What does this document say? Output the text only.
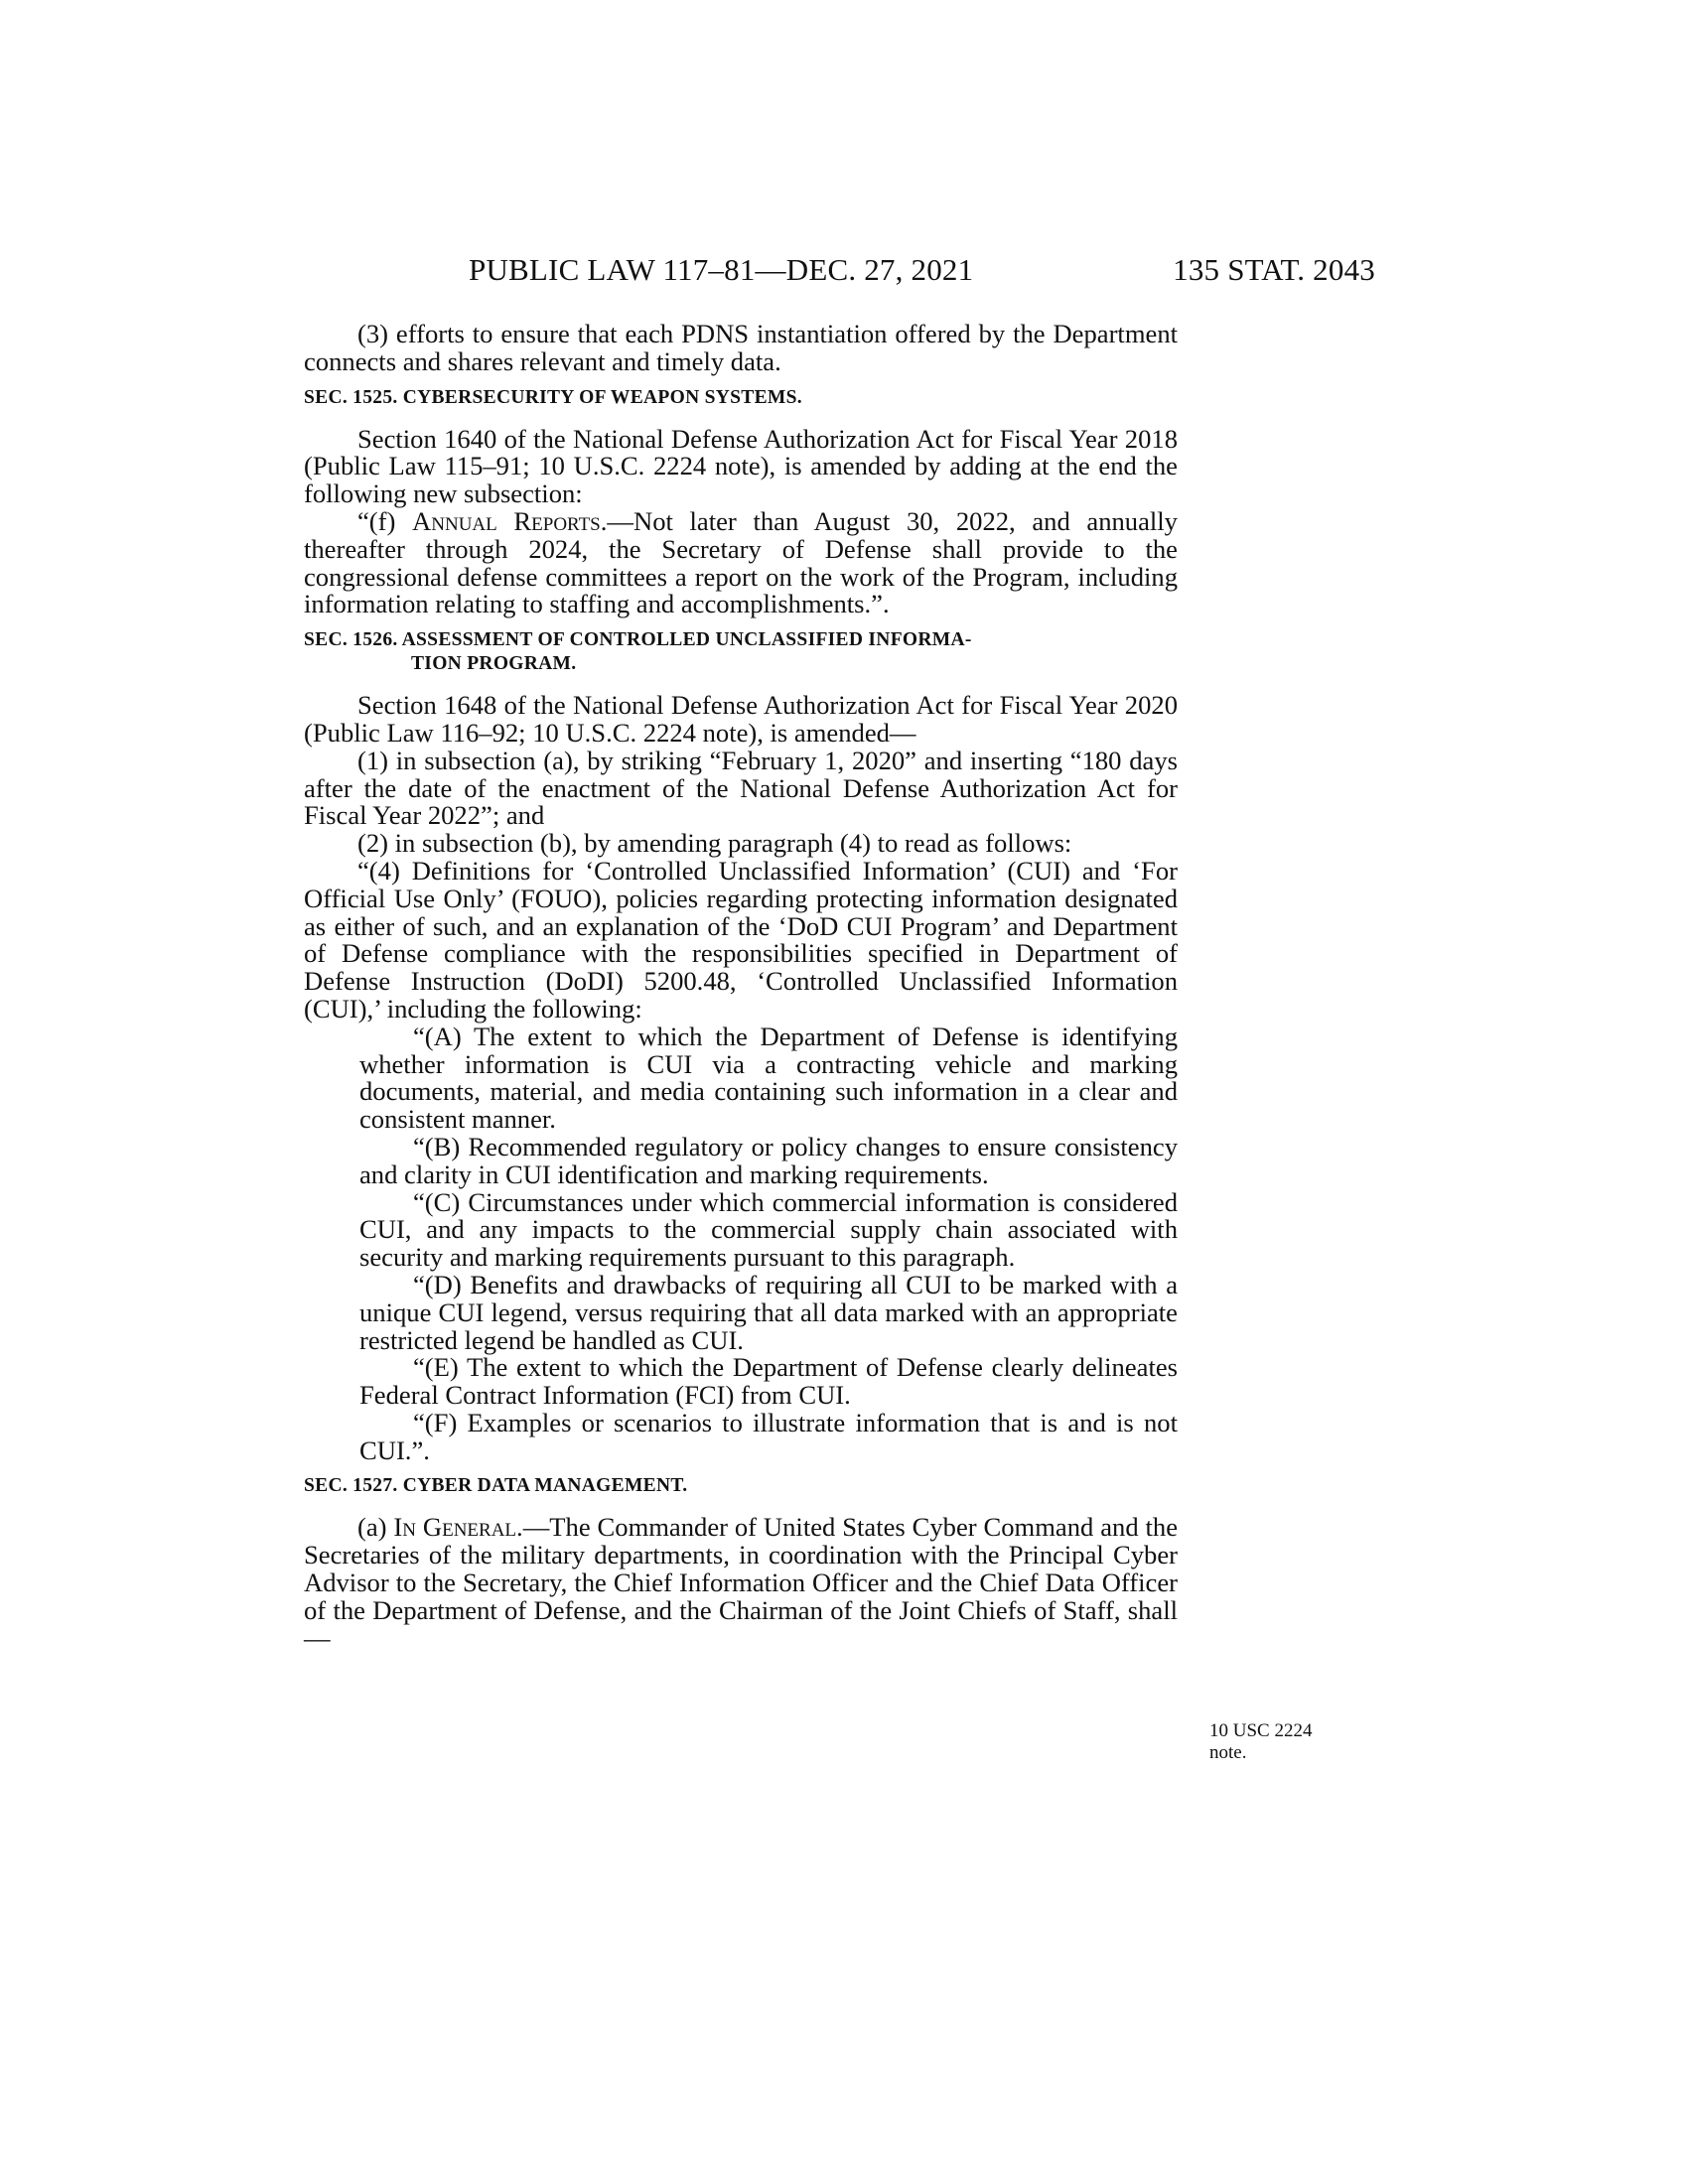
PUBLIC LAW 117–81—DEC. 27, 2021	135 STAT. 2043

(3) efforts to ensure that each PDNS instantiation offered by the Department connects and shares relevant and timely data.

SEC. 1525. CYBERSECURITY OF WEAPON SYSTEMS.

Section 1640 of the National Defense Authorization Act for Fiscal Year 2018 (Public Law 115–91; 10 U.S.C. 2224 note), is amended by adding at the end the following new subsection:

“(f) Annual Reports.—Not later than August 30, 2022, and annually thereafter through 2024, the Secretary of Defense shall provide to the congressional defense committees a report on the work of the Program, including information relating to staffing and accomplishments.”.

SEC. 1526. ASSESSMENT OF CONTROLLED UNCLASSIFIED INFORMA-
TION PROGRAM.

Section 1648 of the National Defense Authorization Act for Fiscal Year 2020 (Public Law 116–92; 10 U.S.C. 2224 note), is amended—

(1) in subsection (a), by striking “February 1, 2020” and inserting “180 days after the date of the enactment of the National Defense Authorization Act for Fiscal Year 2022”; and

(2) in subsection (b), by amending paragraph (4) to read as follows:

“(4) Definitions for ‘Controlled Unclassified Information’ (CUI) and ‘For Official Use Only’ (FOUO), policies regarding protecting information designated as either of such, and an explanation of the ‘DoD CUI Program’ and Department of Defense compliance with the responsibilities specified in Department of Defense Instruction (DoDI) 5200.48, ‘Controlled Unclassified Information (CUI),’ including the following:

“(A) The extent to which the Department of Defense is identifying whether information is CUI via a contracting vehicle and marking documents, material, and media containing such information in a clear and consistent manner.

“(B) Recommended regulatory or policy changes to ensure consistency and clarity in CUI identification and marking requirements.

“(C) Circumstances under which commercial information is considered CUI, and any impacts to the commercial supply chain associated with security and marking requirements pursuant to this paragraph.

“(D) Benefits and drawbacks of requiring all CUI to be marked with a unique CUI legend, versus requiring that all data marked with an appropriate restricted legend be handled as CUI.

“(E) The extent to which the Department of Defense clearly delineates Federal Contract Information (FCI) from CUI.

“(F) Examples or scenarios to illustrate information that is and is not CUI.”.

SEC. 1527. CYBER DATA MANAGEMENT.

(a) In General.—The Commander of United States Cyber Command and the Secretaries of the military departments, in coordination with the Principal Cyber Advisor to the Secretary, the Chief Information Officer and the Chief Data Officer of the Department of Defense, and the Chairman of the Joint Chiefs of Staff, shall—

10 USC 2224
note.
